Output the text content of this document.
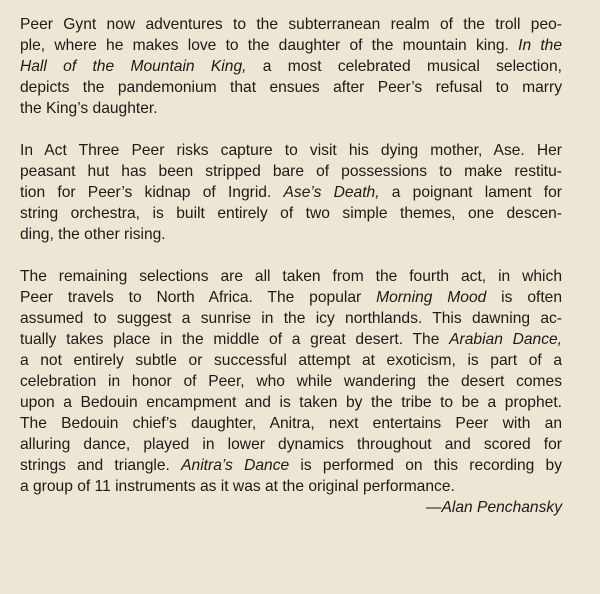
Peer Gynt now adventures to the subterranean realm of the troll peo-
ple, where he makes love to the daughter of the mountain king. In the
Hall of the Mountain King, a most celebrated musical selection,
depicts the pandemonium that ensues after Peer’s refusal to marry
the King’s daughter.
In Act Three Peer risks capture to visit his dying mother, Ase. Her
peasant hut has been stripped bare of possessions to make restitu-
tion for Peer’s kidnap of Ingrid. Ase’s Death, a poignant lament for
string orchestra, is built entirely of two simple themes, one descen-
ding, the other rising.
The remaining selections are all taken from the fourth act, in which
Peer travels to North Africa. The popular Morning Mood is often
assumed to suggest a sunrise in the icy northlands. This dawning ac-
tually takes place in the middle of a great desert. The Arabian Dance,
a not entirely subtle or successful attempt at exoticism, is part of a
celebration in honor of Peer, who while wandering the desert comes
upon a Bedouin encampment and is taken by the tribe to be a prophet.
The Bedouin chief’s daughter, Anitra, next entertains Peer with an
alluring dance, played in lower dynamics throughout and scored for
strings and triangle. Anitra’s Dance is performed on this recording by
a group of 11 instruments as it was at the original performance.
—Alan Penchansky
